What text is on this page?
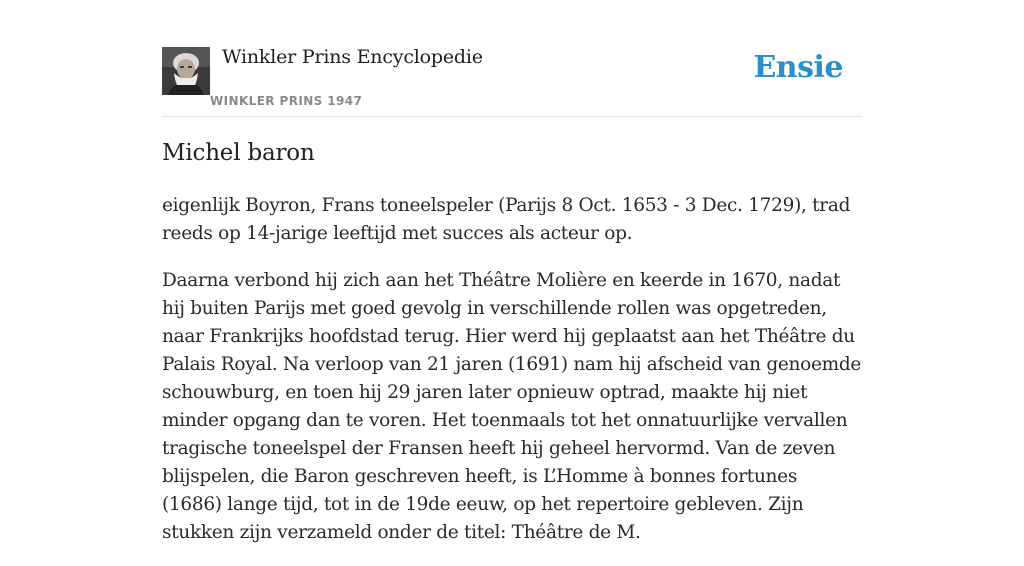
Winkler Prins Encyclopedie
WINKLER PRINS 1947
Ensie
Michel baron

eigenlijk Boyron, Frans toneelspeler (Parijs 8 Oct. 1653 - 3 Dec. 1729), trad reeds op 14-jarige leeftijd met succes als acteur op.

Daarna verbond hij zich aan het Théâtre Molière en keerde in 1670, nadat hij buiten Parijs met goed gevolg in verschillende rollen was opgetreden, naar Frankrijks hoofdstad terug. Hier werd hij geplaatst aan het Théâtre du Palais Royal. Na verloop van 21 jaren (1691) nam hij afscheid van genoemde schouwburg, en toen hij 29 jaren later opnieuw optrad, maakte hij niet minder opgang dan te voren. Het toenmaals tot het onnatuurlijke vervallen tragische toneelspel der Fransen heeft hij geheel hervormd. Van de zeven blijspelen, die Baron geschreven heeft, is L’Homme à bonnes fortunes (1686) lange tijd, tot in de 19de eeuw, op het repertoire gebleven. Zijn stukken zijn verzameld onder de titel: Théâtre de M.
